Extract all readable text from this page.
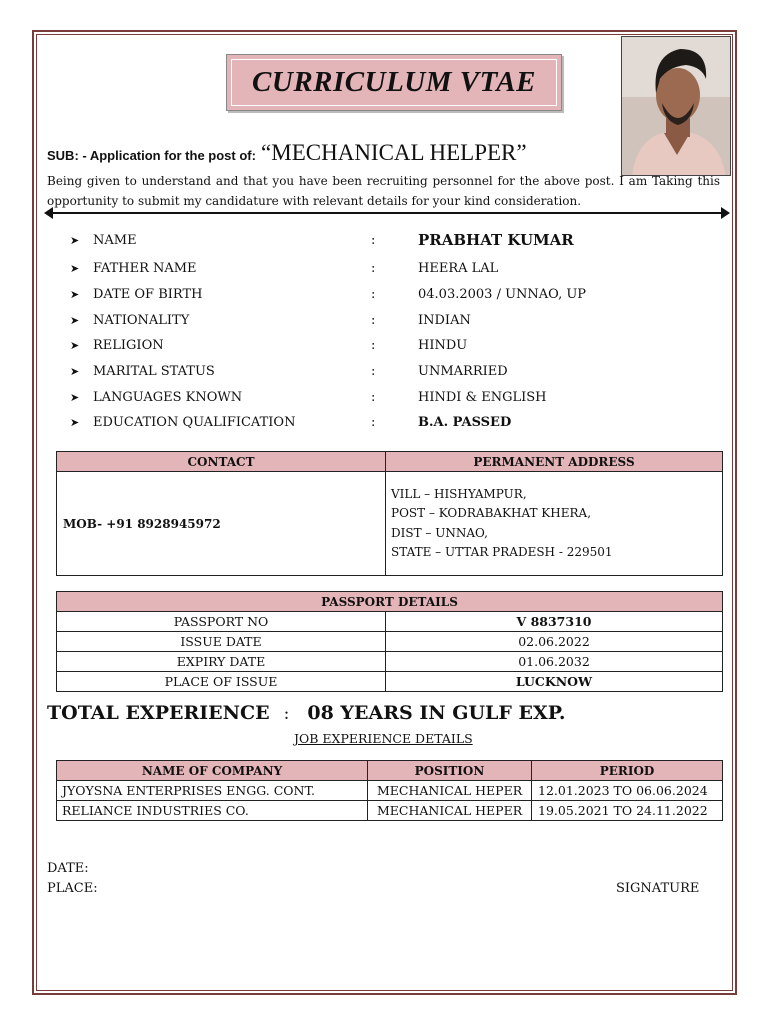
CURRICULUM VTAE
SUB: - Application for the post of: “MECHANICAL HELPER”
Being given to understand and that you have been recruiting personnel for the above post. I am Taking this opportunity to submit my candidature with relevant details for your kind consideration.
➤ NAME	:	PRABHAT KUMAR
➤ FATHER NAME	:	HEERA LAL
➤ DATE OF BIRTH	:	04.03.2003 / UNNAO, UP
➤ NATIONALITY	:	INDIAN
➤ RELIGION	:	HINDU
➤ MARITAL STATUS	:	UNMARRIED
➤ LANGUAGES KNOWN	:	HINDI & ENGLISH
➤ EDUCATION QUALIFICATION	:	B.A. PASSED
CONTACT	PERMANENT ADDRESS
MOB- +91 8928945972	VILL – HISHYAMPUR,
POST – KODRABAKHAT KHERA,
DIST – UNNAO,
STATE – UTTAR PRADESH - 229501
PASSPORT DETAILS	
PASSPORT NO	V 8837310
ISSUE DATE	02.06.2022
EXPIRY DATE	01.06.2032
PLACE OF ISSUE	LUCKNOW
TOTAL EXPERIENCE : 08 YEARS IN GULF EXP.
JOB EXPERIENCE DETAILS
NAME OF COMPANY	POSITION	PERIOD
JYOYSNA ENTERPRISES ENGG. CONT.	MECHANICAL HEPER	12.01.2023 TO 06.06.2024
RELIANCE INDUSTRIES CO.	MECHANICAL HEPER	19.05.2021 TO 24.11.2022
DATE:
PLACE:	SIGNATURE
